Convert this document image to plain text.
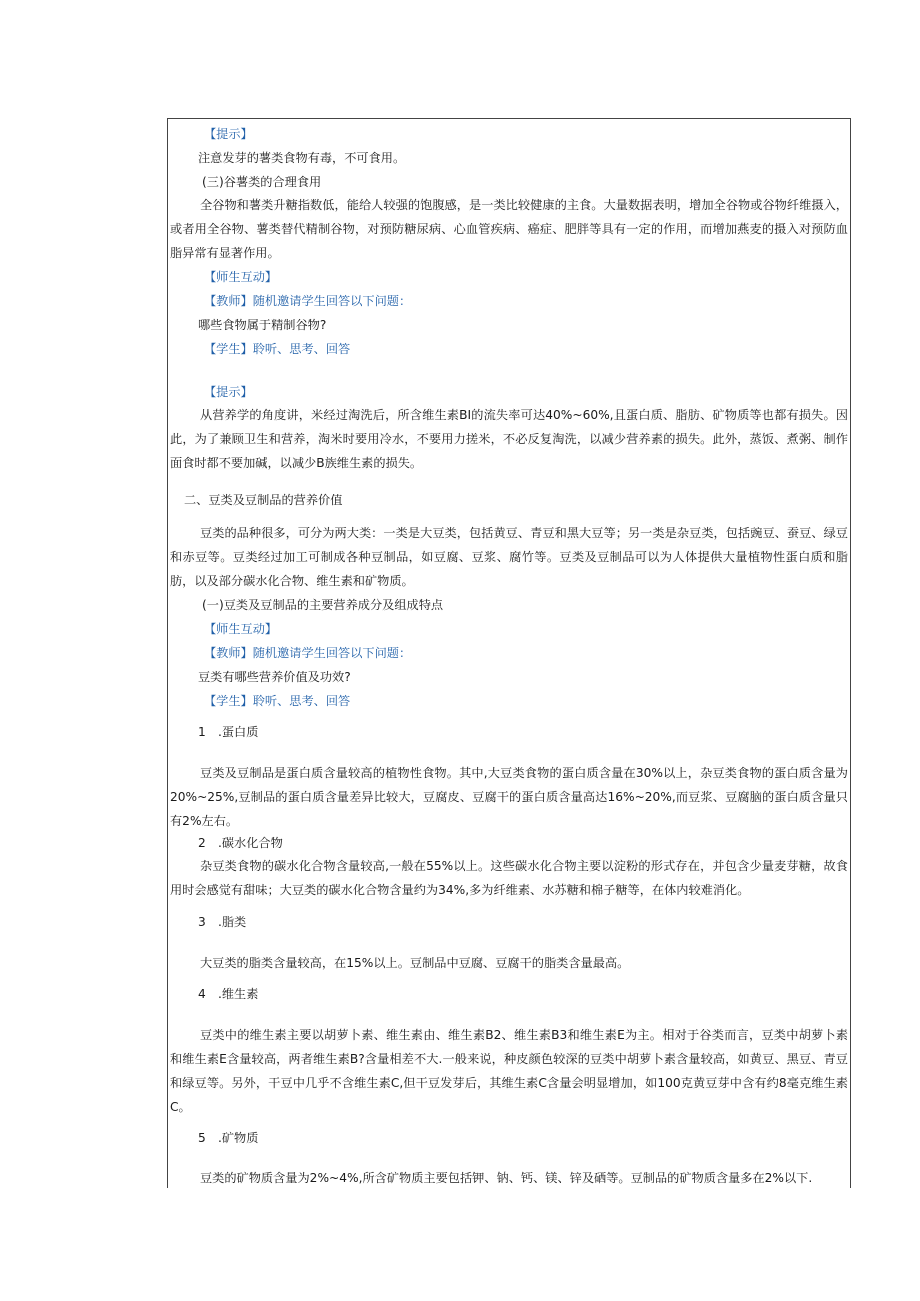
【提示】
注意发芽的薯类食物有毒，不可食用。
(三)谷薯类的合理食用
全谷物和薯类升糖指数低，能给人较强的饱腹感，是一类比较健康的主食。大量数据表明，增加全谷物或谷物纤维摄入，或者用全谷物、薯类替代精制谷物，对预防糖尿病、心血管疾病、癌症、肥胖等具有一定的作用，而增加燕麦的摄入对预防血脂异常有显著作用。
【师生互动】
【教师】随机邀请学生回答以下问题：
哪些食物属于精制谷物?
【学生】聆听、思考、回答
【提示】
从营养学的角度讲，米经过淘洗后，所含维生素BI的流失率可达40%~60%,且蛋白质、脂肪、矿物质等也都有损失。因此，为了兼顾卫生和营养，淘米时要用冷水，不要用力搓米，不必反复淘洗，以减少营养素的损失。此外，蒸饭、煮粥、制作面食时都不要加碱，以减少B族维生素的损失。
二、豆类及豆制品的营养价值
豆类的品种很多，可分为两大类：一类是大豆类，包括黄豆、青豆和黑大豆等；另一类是杂豆类，包括豌豆、蚕豆、绿豆和赤豆等。豆类经过加工可制成各种豆制品，如豆腐、豆浆、腐竹等。豆类及豆制品可以为人体提供大量植物性蛋白质和脂肪，以及部分碳水化合物、维生素和矿物质。
(一)豆类及豆制品的主要营养成分及组成特点
【师生互动】
【教师】随机邀请学生回答以下问题：
豆类有哪些营养价值及功效?
【学生】聆听、思考、回答
1　.蛋白质
豆类及豆制品是蛋白质含量较高的植物性食物。其中,大豆类食物的蛋白质含量在30%以上，杂豆类食物的蛋白质含量为20%~25%,豆制品的蛋白质含量差异比较大，豆腐皮、豆腐干的蛋白质含量高达16%~20%,而豆浆、豆腐脑的蛋白质含量只有2%左右。
2　.碳水化合物
杂豆类食物的碳水化合物含量较高,一般在55%以上。这些碳水化合物主要以淀粉的形式存在，并包含少量麦芽糖，故食用时会感觉有甜味；大豆类的碳水化合物含量约为34%,多为纤维素、水苏糖和棉子糖等，在体内较难消化。
3　.脂类
大豆类的脂类含量较高，在15%以上。豆制品中豆腐、豆腐干的脂类含量最高。
4　.维生素
豆类中的维生素主要以胡萝卜素、维生素由、维生素B2、维生素B3和维生素E为主。相对于谷类而言，豆类中胡萝卜素和维生素E含量较高，两者维生素B?含量相差不大.一般来说，种皮颜色较深的豆类中胡萝卜素含量较高，如黄豆、黑豆、青豆和绿豆等。另外，干豆中几乎不含维生素C,但干豆发芽后，其维生素C含量会明显增加，如100克黄豆芽中含有约8毫克维生素C。
5　.矿物质
豆类的矿物质含量为2%~4%,所含矿物质主要包括钾、钠、钙、镁、锌及硒等。豆制品的矿物质含量多在2%以下.
